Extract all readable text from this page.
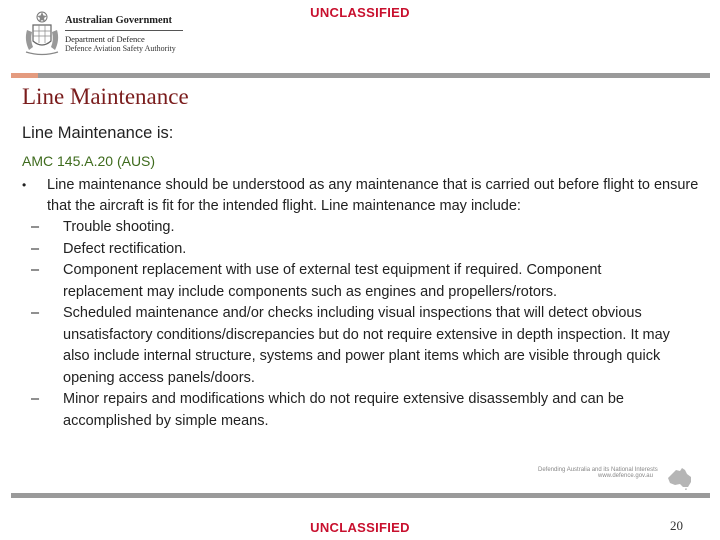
UNCLASSIFIED
Australian Government
Department of Defence
Defence Aviation Safety Authority
Line Maintenance
Line Maintenance is:
AMC 145.A.20 (AUS)
• Line maintenance should be understood as any maintenance that is carried out before flight to ensure that the aircraft is fit for the intended flight. Line maintenance may include:
– Trouble shooting.
– Defect rectification.
– Component replacement with use of external test equipment if required. Component replacement may include components such as engines and propellers/rotors.
– Scheduled maintenance and/or checks including visual inspections that will detect obvious unsatisfactory conditions/discrepancies but do not require extensive in depth inspection. It may also include internal structure, systems and power plant items which are visible through quick opening access panels/doors.
– Minor repairs and modifications which do not require extensive disassembly and can be accomplished by simple means.
Defending Australia and its National Interests
www.defence.gov.au
UNCLASSIFIED	20
